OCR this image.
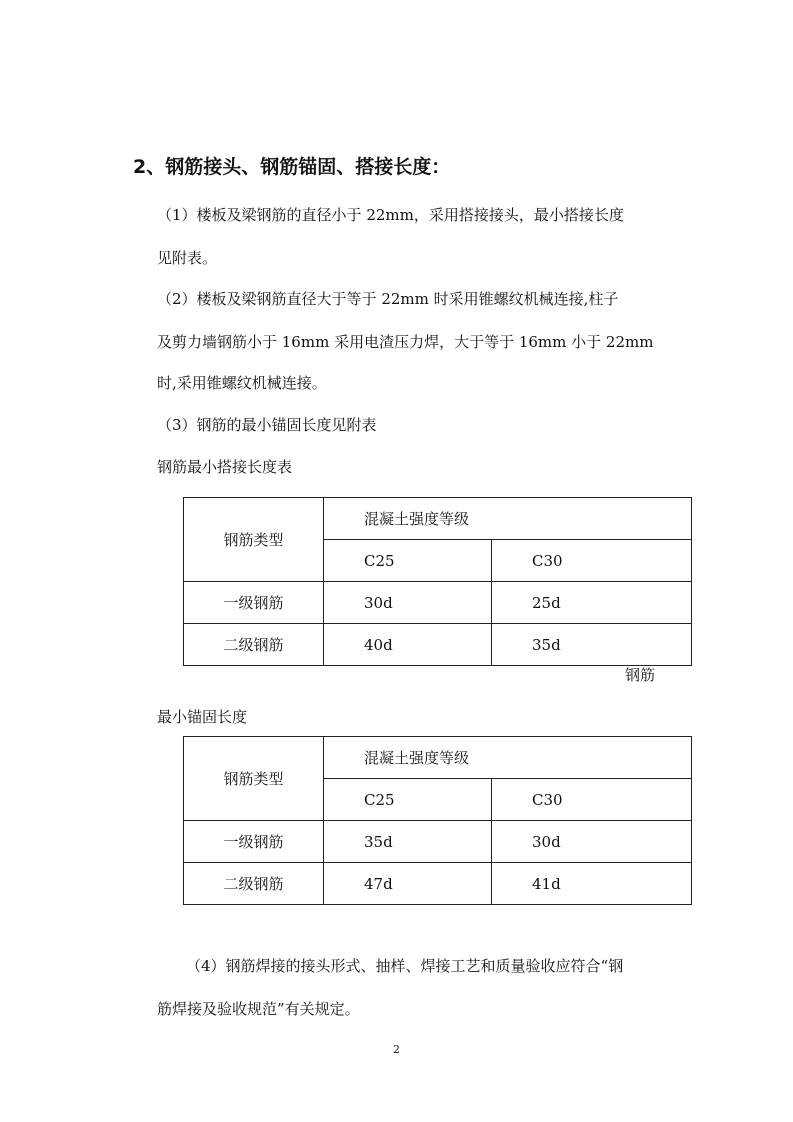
2、钢筋接头、钢筋锚固、搭接长度：
（1）楼板及梁钢筋的直径小于 22mm，采用搭接接头，最小搭接长度
见附表。
（2）楼板及梁钢筋直径大于等于 22mm 时采用锥螺纹机械连接,柱子
及剪力墙钢筋小于 16mm 采用电渣压力焊，大于等于 16mm 小于 22mm
时,采用锥螺纹机械连接。
（3）钢筋的最小锚固长度见附表
钢筋最小搭接长度表
钢筋类型	混凝土强度等级	
	C25	C30
一级钢筋	30d	25d
二级钢筋	40d	35d
钢筋
最小锚固长度
钢筋类型	混凝土强度等级	
	C25	C30
一级钢筋	35d	30d
二级钢筋	47d	41d
（4）钢筋焊接的接头形式、抽样、焊接工艺和质量验收应符合“钢
筋焊接及验收规范”有关规定。
2
